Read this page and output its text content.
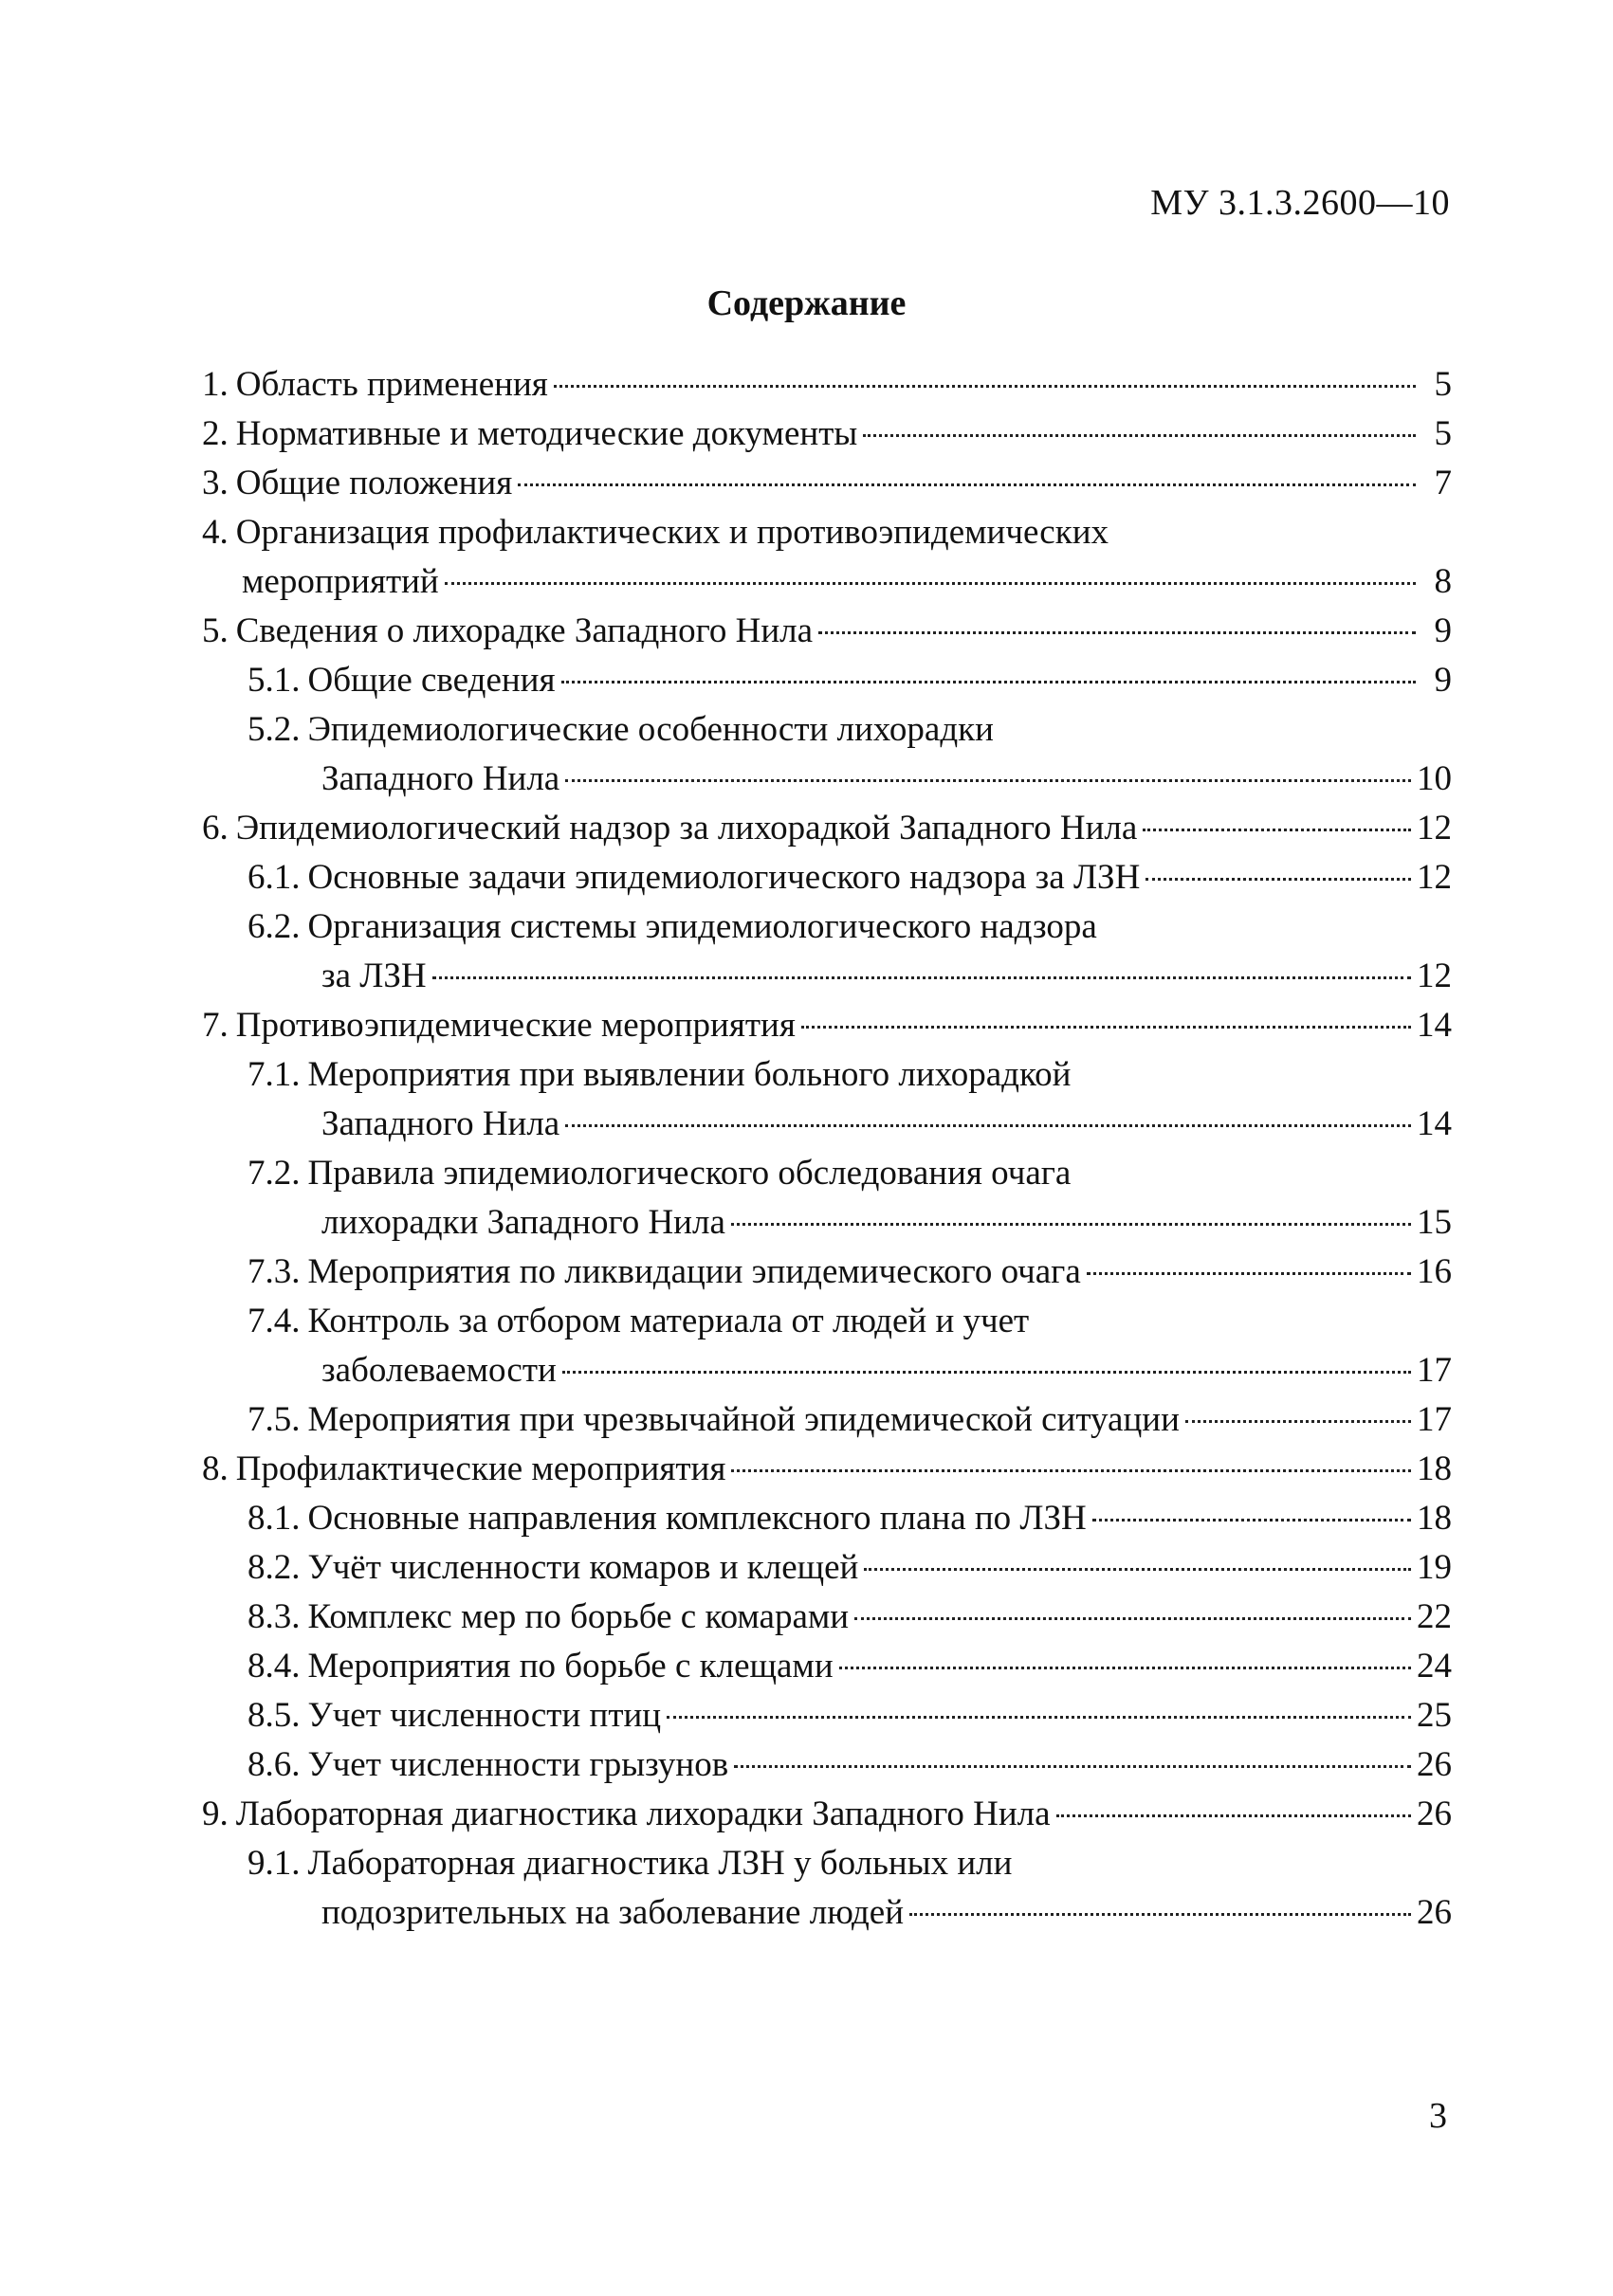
МУ 3.1.3.2600—10
Содержание
1. Область применения	5
2. Нормативные и методические документы	5
3. Общие положения	7
4. Организация профилактических и противоэпидемических
мероприятий	8
5. Сведения о лихорадке Западного Нила	9
5.1. Общие сведения	9
5.2. Эпидемиологические особенности лихорадки
Западного Нила	10
6. Эпидемиологический надзор за лихорадкой Западного Нила	12
6.1. Основные задачи эпидемиологического надзора за ЛЗН	12
6.2. Организация системы эпидемиологического надзора
за ЛЗН	12
7. Противоэпидемические мероприятия	14
7.1. Мероприятия при выявлении больного лихорадкой
Западного Нила	14
7.2. Правила эпидемиологического обследования очага
лихорадки Западного Нила	15
7.3. Мероприятия по ликвидации эпидемического очага	16
7.4. Контроль за отбором материала от людей и учет
заболеваемости	17
7.5. Мероприятия при чрезвычайной эпидемической ситуации	17
8. Профилактические мероприятия	18
8.1. Основные направления комплексного плана по ЛЗН	18
8.2. Учёт численности комаров и клещей	19
8.3. Комплекс мер по борьбе с комарами	22
8.4. Мероприятия по борьбе с клещами	24
8.5. Учет численности птиц	25
8.6. Учет численности грызунов	26
9. Лабораторная диагностика лихорадки Западного Нила	26
9.1. Лабораторная диагностика ЛЗН у больных или
подозрительных на заболевание людей	26
3
